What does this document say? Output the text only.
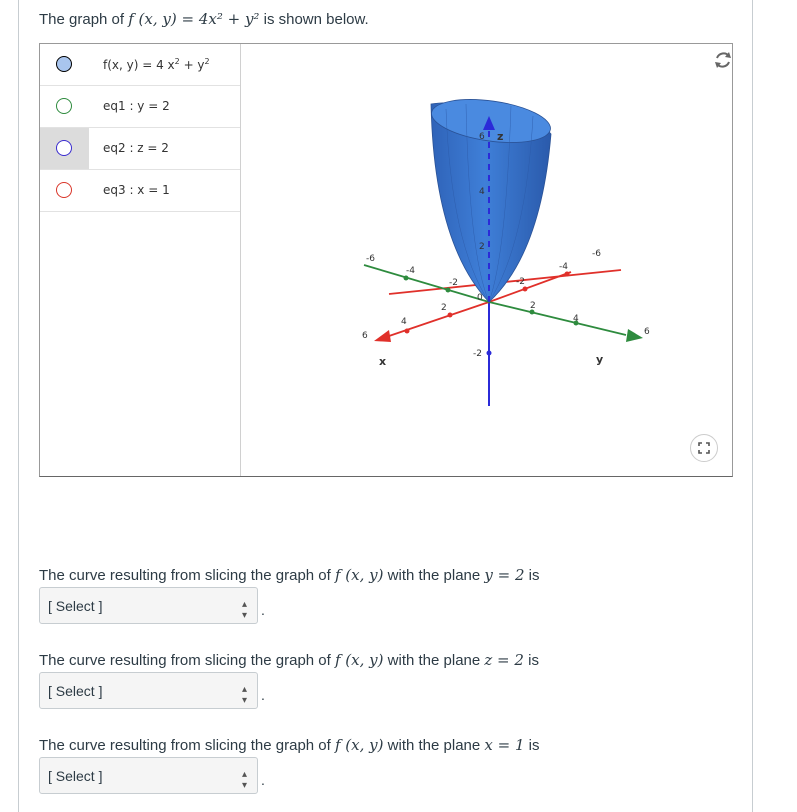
The graph of f (x, y) = 4x² + y² is shown below.
f(x, y) = 4 $x^2 + y^2$
eq1 : y = 2
eq2 : z = 2
eq3 : x = 1
-6
-4
-2
2
4
6
4
2
-2
-4
-6
6
-2
2
4
6
0
x	y
z
The curve resulting from slicing the graph of f (x, y) with the plane y = 2 is
[ Select ]	▴▾ .
The curve resulting from slicing the graph of f (x, y) with the plane z = 2 is
[ Select ]	▴▾ .
The curve resulting from slicing the graph of f (x, y) with the plane x = 1 is
[ Select ]	▴▾ .
